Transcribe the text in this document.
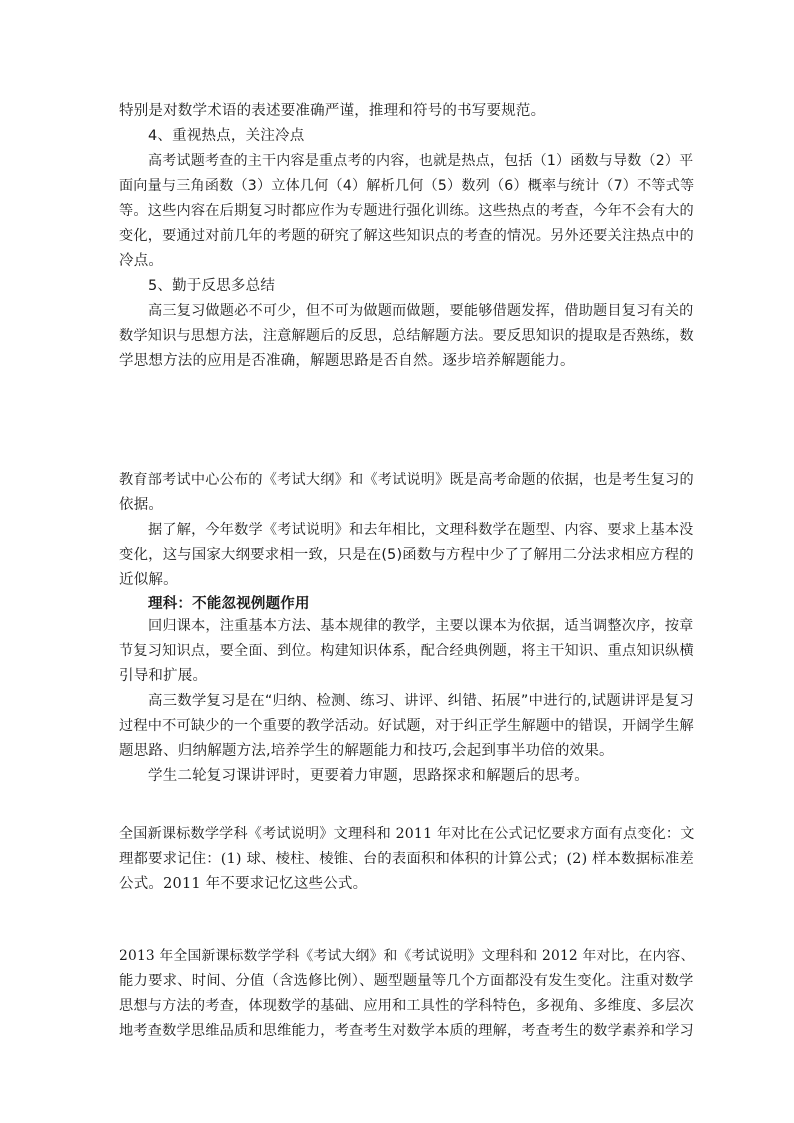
特别是对数学术语的表述要准确严谨，推理和符号的书写要规范。
4、重视热点，关注冷点
高考试题考查的主干内容是重点考的内容，也就是热点，包括（1）函数与导数（2）平
面向量与三角函数（3）立体几何（4）解析几何（5）数列（6）概率与统计（7）不等式等
等。这些内容在后期复习时都应作为专题进行强化训练。这些热点的考查，今年不会有大的
变化，要通过对前几年的考题的研究了解这些知识点的考查的情况。另外还要关注热点中的
冷点。
5、勤于反思多总结
高三复习做题必不可少，但不可为做题而做题，要能够借题发挥，借助题目复习有关的
数学知识与思想方法，注意解题后的反思，总结解题方法。要反思知识的提取是否熟练，数
学思想方法的应用是否准确，解题思路是否自然。逐步培养解题能力。
教育部考试中心公布的《考试大纲》和《考试说明》既是高考命题的依据，也是考生复习的
依据。
据了解，今年数学《考试说明》和去年相比，文理科数学在题型、内容、要求上基本没
变化，这与国家大纲要求相一致，只是在(5)函数与方程中少了了解用二分法求相应方程的
近似解。
理科：不能忽视例题作用
回归课本，注重基本方法、基本规律的教学，主要以课本为依据，适当调整次序，按章
节复习知识点，要全面、到位。构建知识体系，配合经典例题，将主干知识、重点知识纵横
引导和扩展。
高三数学复习是在“归纳、检测、练习、讲评、纠错、拓展”中进行的,试题讲评是复习
过程中不可缺少的一个重要的教学活动。好试题，对于纠正学生解题中的错误，开阔学生解
题思路、归纳解题方法,培养学生的解题能力和技巧,会起到事半功倍的效果。
学生二轮复习课讲评时，更要着力审题，思路探求和解题后的思考。
全国新课标数学学科《考试说明》文理科和 2011 年对比在公式记忆要求方面有点变化：文
理都要求记住：(1) 球、棱柱、棱锥、台的表面积和体积的计算公式；(2) 样本数据标准差
公式。2011 年不要求记忆这些公式。
2013 年全国新课标数学学科《考试大纲》和《考试说明》文理科和 2012 年对比，在内容、
能力要求、时间、分值（含选修比例）、题型题量等几个方面都没有发生变化。注重对数学
思想与方法的考查，体现数学的基础、应用和工具性的学科特色，多视角、多维度、多层次
地考查数学思维品质和思维能力，考查考生对数学本质的理解，考查考生的数学素养和学习
